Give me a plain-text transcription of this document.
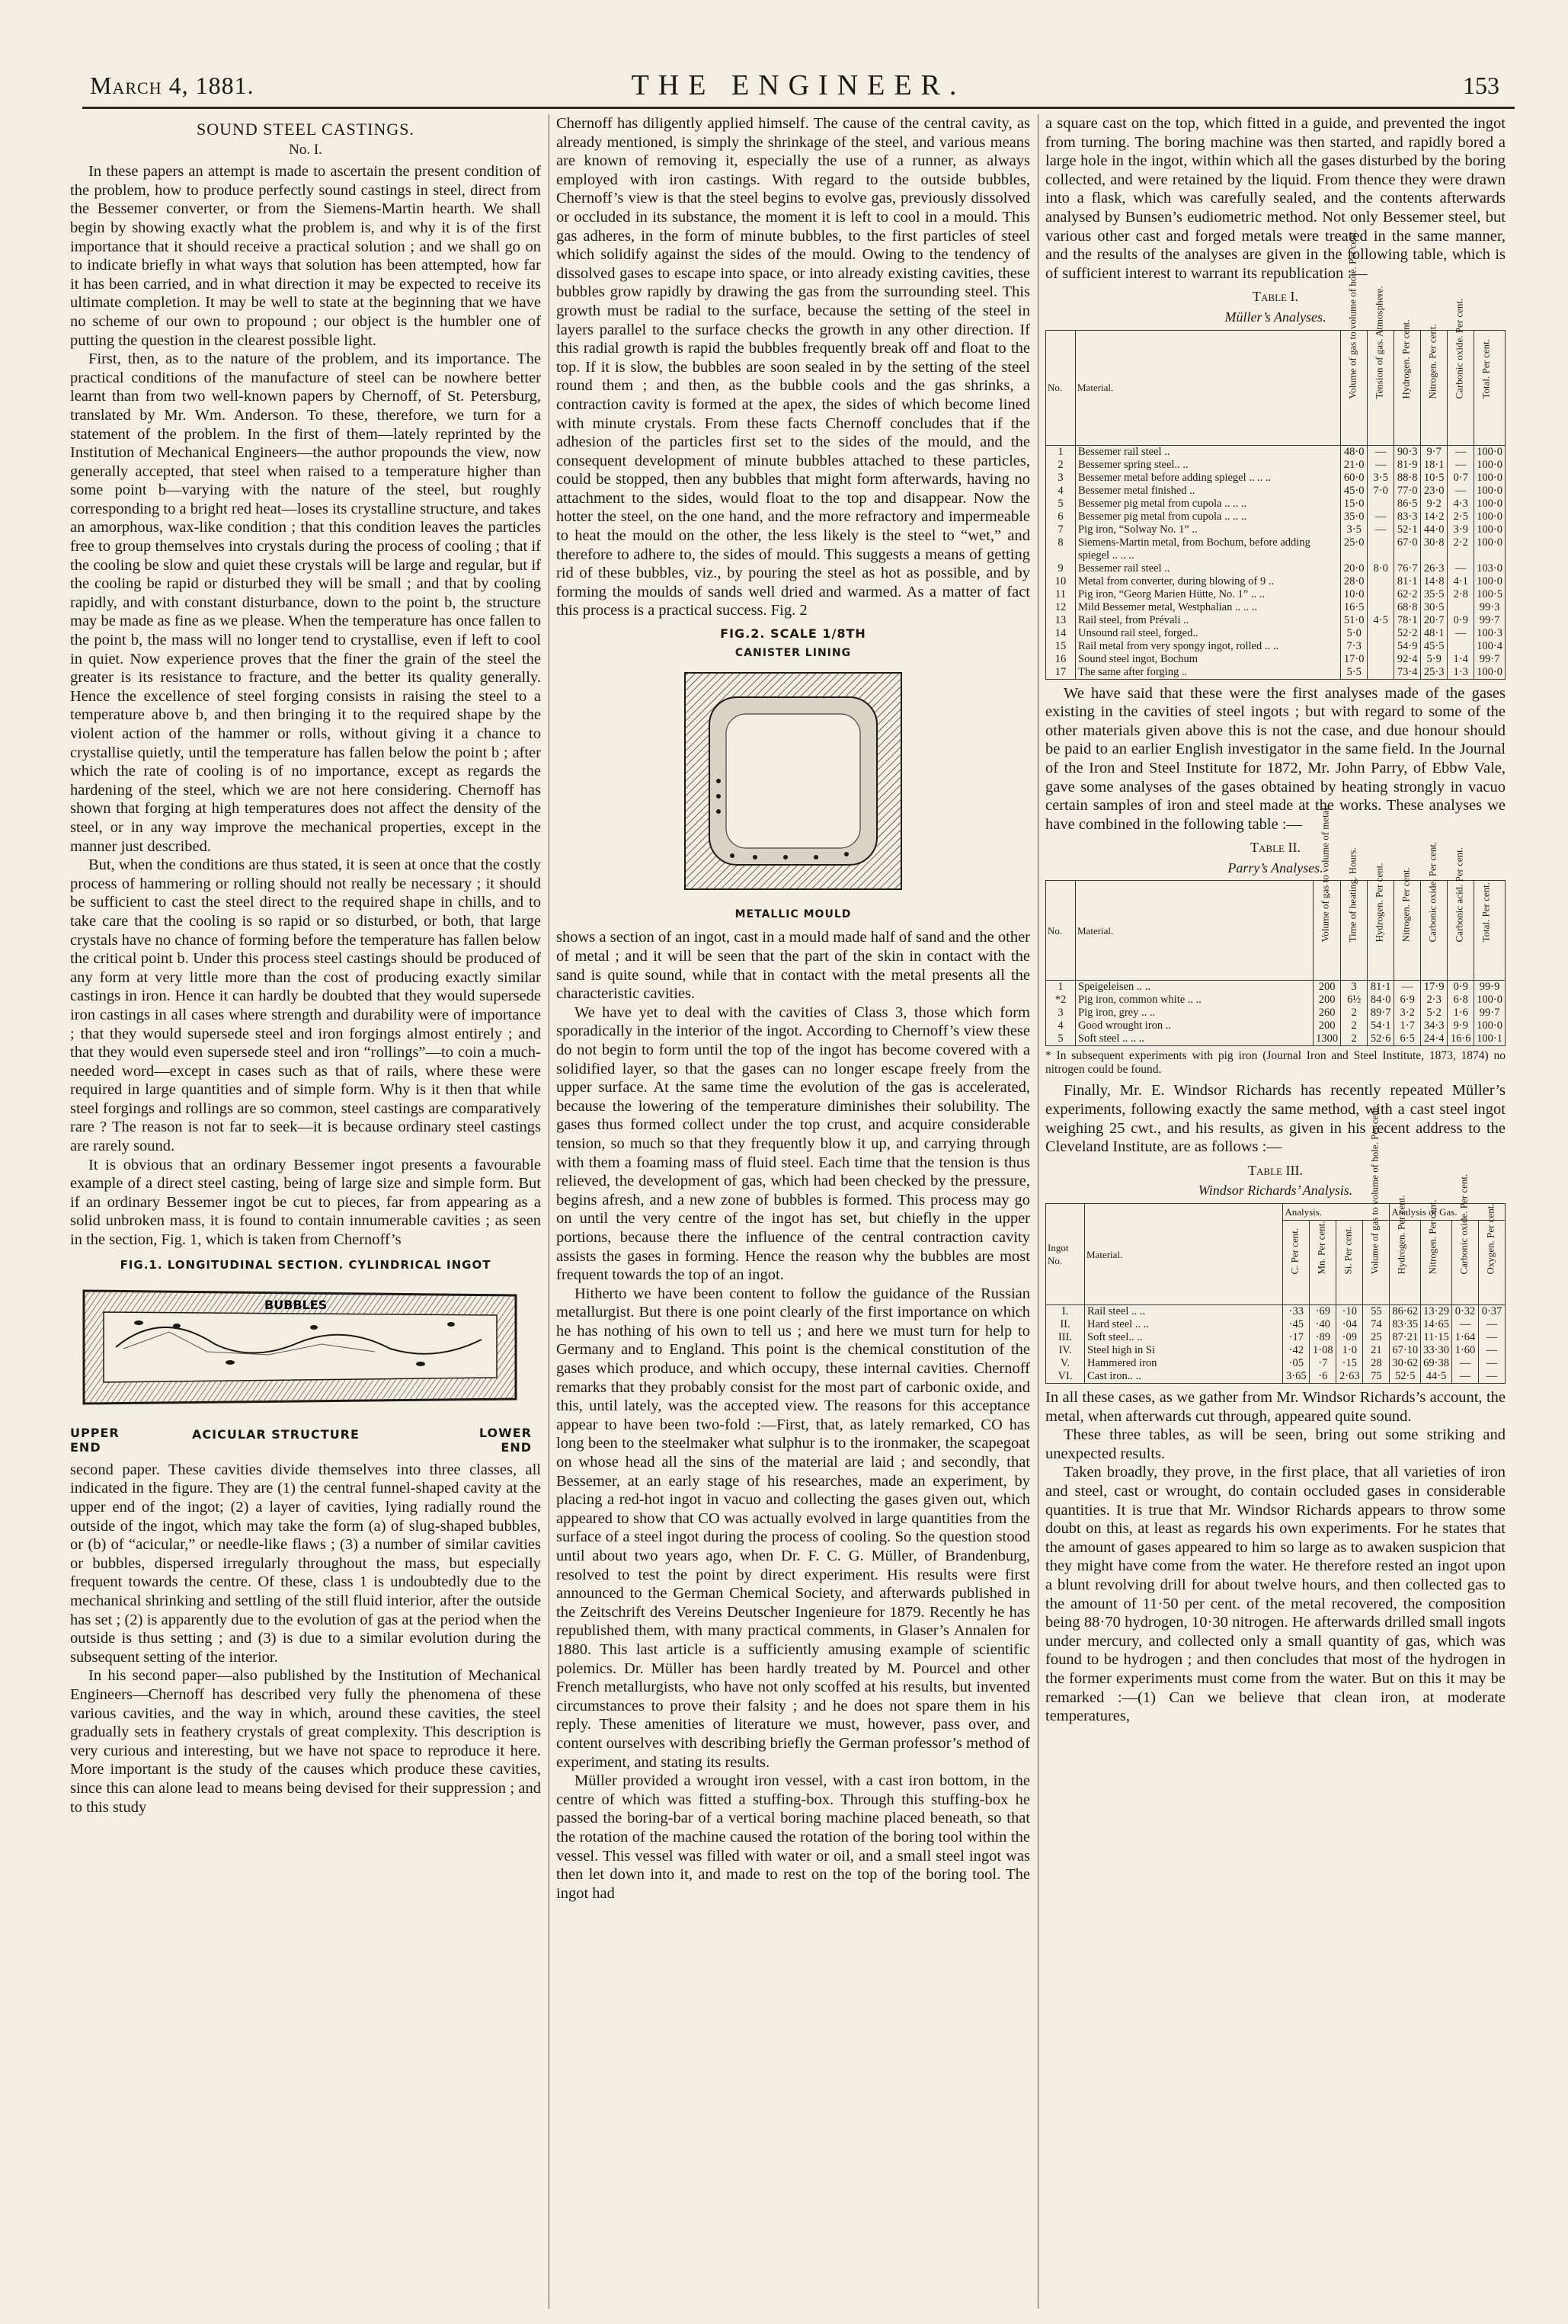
March 4, 1881.	THE ENGINEER.	153
SOUND STEEL CASTINGS.
No. I.

In these papers an attempt is made to ascertain the present condition of the problem, how to produce perfectly sound castings in steel, direct from the Bessemer converter, or from the Siemens-Martin hearth. We shall begin by showing exactly what the problem is, and why it is of the first importance that it should receive a practical solution ; and we shall go on to indicate briefly in what ways that solution has been attempted, how far it has been carried, and in what direction it may be expected to receive its ultimate completion. It may be well to state at the beginning that we have no scheme of our own to propound ; our object is the humbler one of putting the question in the clearest possible light.

First, then, as to the nature of the problem, and its importance. The practical conditions of the manufacture of steel can be nowhere better learnt than from two well-known papers by Chernoff, of St. Petersburg, translated by Mr. Wm. Anderson. To these, therefore, we turn for a statement of the problem. In the first of them—lately reprinted by the Institution of Mechanical Engineers—the author propounds the view, now generally accepted, that steel when raised to a temperature higher than some point b—varying with the nature of the steel, but roughly corresponding to a bright red heat—loses its crystalline structure, and takes an amorphous, wax-like condition ; that this condition leaves the particles free to group themselves into crystals during the process of cooling ; that if the cooling be slow and quiet these crystals will be large and regular, but if the cooling be rapid or disturbed they will be small ; and that by cooling rapidly, and with constant disturbance, down to the point b, the structure may be made as fine as we please. When the temperature has once fallen to the point b, the mass will no longer tend to crystallise, even if left to cool in quiet. Now experience proves that the finer the grain of the steel the greater is its resistance to fracture, and the better its quality generally. Hence the excellence of steel forging consists in raising the steel to a temperature above b, and then bringing it to the required shape by the violent action of the hammer or rolls, without giving it a chance to crystallise quietly, until the temperature has fallen below the point b ; after which the rate of cooling is of no importance, except as regards the hardening of the steel, which we are not here considering. Chernoff has shown that forging at high temperatures does not affect the density of the steel, or in any way improve the mechanical properties, except in the manner just described.

But, when the conditions are thus stated, it is seen at once that the costly process of hammering or rolling should not really be necessary ; it should be sufficient to cast the steel direct to the required shape in chills, and to take care that the cooling is so rapid or so disturbed, or both, that large crystals have no chance of forming before the temperature has fallen below the critical point b. Under this process steel castings should be produced of any form at very little more than the cost of producing exactly similar castings in iron. Hence it can hardly be doubted that they would supersede iron castings in all cases where strength and durability were of importance ; that they would supersede steel and iron forgings almost entirely ; and that they would even supersede steel and iron “rollings”—to coin a much-needed word—except in cases such as that of rails, where these were required in large quantities and of simple form. Why is it then that while steel forgings and rollings are so common, steel castings are comparatively rare ? The reason is not far to seek—it is because ordinary steel castings are rarely sound.

It is obvious that an ordinary Bessemer ingot presents a favourable example of a direct steel casting, being of large size and simple form. But if an ordinary Bessemer ingot be cut to pieces, far from appearing as a solid unbroken mass, it is found to contain innumerable cavities ; as seen in the section, Fig. 1, which is taken from Chernoff’s

FIG.1. LONGITUDINAL SECTION. CYLINDRICAL INGOT
BUBBLES
UPPER
END
ACICULAR STRUCTURE	LOWER
END

second paper. These cavities divide themselves into three classes, all indicated in the figure. They are (1) the central funnel-shaped cavity at the upper end of the ingot; (2) a layer of cavities, lying radially round the outside of the ingot, which may take the form (a) of slug-shaped bubbles, or (b) of “acicular,” or needle-like flaws ; (3) a number of similar cavities or bubbles, dispersed irregularly throughout the mass, but especially frequent towards the centre. Of these, class 1 is undoubtedly due to the mechanical shrinking and settling of the still fluid interior, after the outside has set ; (2) is apparently due to the evolution of gas at the period when the outside is thus setting ; and (3) is due to a similar evolution during the subsequent setting of the interior.

In his second paper—also published by the Institution of Mechanical Engineers—Chernoff has described very fully the phenomena of these various cavities, and the way in which, around these cavities, the steel gradually sets in feathery crystals of great complexity. This description is very curious and interesting, but we have not space to reproduce it here. More important is the study of the causes which produce these cavities, since this can alone lead to means being devised for their suppression ; and to this study

Chernoff has diligently applied himself. The cause of the central cavity, as already mentioned, is simply the shrinkage of the steel, and various means are known of removing it, especially the use of a runner, as always employed with iron castings. With regard to the outside bubbles, Chernoff’s view is that the steel begins to evolve gas, previously dissolved or occluded in its substance, the moment it is left to cool in a mould. This gas adheres, in the form of minute bubbles, to the first particles of steel which solidify against the sides of the mould. Owing to the tendency of dissolved gases to escape into space, or into already existing cavities, these bubbles grow rapidly by drawing the gas from the surrounding steel. This growth must be radial to the surface, because the setting of the steel in layers parallel to the surface checks the growth in any other direction. If this radial growth is rapid the bubbles frequently break off and float to the top. If it is slow, the bubbles are soon sealed in by the setting of the steel round them ; and then, as the bubble cools and the gas shrinks, a contraction cavity is formed at the apex, the sides of which become lined with minute crystals. From these facts Chernoff concludes that if the adhesion of the particles first set to the sides of the mould, and the consequent development of minute bubbles attached to these particles, could be stopped, then any bubbles that might form afterwards, having no attachment to the sides, would float to the top and disappear. Now the hotter the steel, on the one hand, and the more refractory and impermeable to heat the mould on the other, the less likely is the steel to “wet,” and therefore to adhere to, the sides of mould. This suggests a means of getting rid of these bubbles, viz., by pouring the steel as hot as possible, and by forming the moulds of sands well dried and warmed. As a matter of fact this process is a practical success. Fig. 2

FIG.2. SCALE 1/8TH
CANISTER LINING
METALLIC MOULD

shows a section of an ingot, cast in a mould made half of sand and the other of metal ; and it will be seen that the part of the skin in contact with the sand is quite sound, while that in contact with the metal presents all the characteristic cavities.

We have yet to deal with the cavities of Class 3, those which form sporadically in the interior of the ingot. According to Chernoff’s view these do not begin to form until the top of the ingot has become covered with a solidified layer, so that the gases can no longer escape freely from the upper surface. At the same time the evolution of the gas is accelerated, because the lowering of the temperature diminishes their solubility. The gases thus formed collect under the top crust, and acquire considerable tension, so much so that they frequently blow it up, and carrying through with them a foaming mass of fluid steel. Each time that the tension is thus relieved, the development of gas, which had been checked by the pressure, begins afresh, and a new zone of bubbles is formed. This process may go on until the very centre of the ingot has set, but chiefly in the upper portions, because there the influence of the central contraction cavity assists the gases in forming. Hence the reason why the bubbles are most frequent towards the top of an ingot.

Hitherto we have been content to follow the guidance of the Russian metallurgist. But there is one point clearly of the first importance on which he has nothing of his own to tell us ; and here we must turn for help to Germany and to England. This point is the chemical constitution of the gases which produce, and which occupy, these internal cavities. Chernoff remarks that they probably consist for the most part of carbonic oxide, and this, until lately, was the accepted view. The reasons for this acceptance appear to have been two-fold :—First, that, as lately remarked, CO has long been to the steelmaker what sulphur is to the ironmaker, the scapegoat on whose head all the sins of the material are laid ; and secondly, that Bessemer, at an early stage of his researches, made an experiment, by placing a red-hot ingot in vacuo and collecting the gases given out, which appeared to show that CO was actually evolved in large quantities from the surface of a steel ingot during the process of cooling. So the question stood until about two years ago, when Dr. F. C. G. Müller, of Brandenburg, resolved to test the point by direct experiment. His results were first announced to the German Chemical Society, and afterwards published in the Zeitschrift des Vereins Deutscher Ingenieure for 1879. Recently he has republished them, with many practical comments, in Glaser’s Annalen for 1880. This last article is a sufficiently amusing example of scientific polemics. Dr. Müller has been hardly treated by M. Pourcel and other French metallurgists, who have not only scoffed at his results, but invented circumstances to prove their falsity ; and he does not spare them in his reply. These amenities of literature we must, however, pass over, and content ourselves with describing briefly the German professor’s method of experiment, and stating its results.

Müller provided a wrought iron vessel, with a cast iron bottom, in the centre of which was fitted a stuffing-box. Through this stuffing-box he passed the boring-bar of a vertical boring machine placed beneath, so that the rotation of the machine caused the rotation of the boring tool within the vessel. This vessel was filled with water or oil, and a small steel ingot was then let down into it, and made to rest on the top of the boring tool. The ingot had

a square cast on the top, which fitted in a guide, and prevented the ingot from turning. The boring machine was then started, and rapidly bored a large hole in the ingot, within which all the gases disturbed by the boring collected, and were retained by the liquid. From thence they were drawn into a flask, which was carefully sealed, and the contents afterwards analysed by Bunsen’s eudiometric method. Not only Bessemer steel, but various other cast and forged metals were treated in the same manner, and the results of the analyses are given in the following table, which is of sufficient interest to warrant its republication :—

Table I.
Müller’s Analyses.
No.	Material.	Volume of gas to volume of hole. Per cent.	Tension of gas. Atmosphere.	Hydrogen. Per cent.	Nitrogen. Per cent.	Carbonic oxide. Per cent.	Total. Per cent.
1	Bessemer rail steel ..	48·0	—	90·3	9·7	—	100·0
2	Bessemer spring steel.. ..	21·0	—	81·9	18·1	—	100·0
3	Bessemer metal before adding spiegel .. .. ..	60·0	3·5	88·8	10·5	0·7	100·0
4	Bessemer metal finished ..	45·0	7·0	77·0	23·0	—	100·0
5	Bessemer pig metal from cupola .. .. ..	15·0		86·5	9·2	4·3	100·0
6	Bessemer pig metal from cupola .. .. ..	35·0	—	83·3	14·2	2·5	100·0
7	Pig iron, “Solway No. 1” ..	3·5	—	52·1	44·0	3·9	100·0
8	Siemens-Martin metal, from Bochum, before adding spiegel .. .. ..	25·0		67·0	30·8	2·2	100·0
9	Bessemer rail steel ..	20·0	8·0	76·7	26·3	—	103·0
10	Metal from converter, during blowing of 9 ..	28·0		81·1	14·8	4·1	100·0
11	Pig iron, “Georg Marien Hütte, No. 1” .. ..	10·0		62·2	35·5	2·8	100·5
12	Mild Bessemer metal, Westphalian .. .. ..	16·5		68·8	30·5		99·3
13	Rail steel, from Prévali ..	51·0	4·5	78·1	20·7	0·9	99·7
14	Unsound rail steel, forged..	5·0		52·2	48·1	—	100·3
15	Rail metal from very spongy ingot, rolled .. ..	7·3		54·9	45·5		100·4
16	Sound steel ingot, Bochum	17·0		92·4	5·9	1·4	99·7
17	The same after forging ..	5·5		73·4	25·3	1·3	100·0

We have said that these were the first analyses made of the gases existing in the cavities of steel ingots ; but with regard to some of the other materials given above this is not the case, and due honour should be paid to an earlier English investigator in the same field. In the Journal of the Iron and Steel Institute for 1872, Mr. John Parry, of Ebbw Vale, gave some analyses of the gases obtained by heating strongly in vacuo certain samples of iron and steel made at the works. These analyses we have combined in the following table :—

Table II.
Parry’s Analyses.
No.	Material.	Volume of gas to volume of metal.	Time of heating. Hours.	Hydrogen. Per cent.	Nitrogen. Per cent.	Carbonic oxide. Per cent.	Carbonic acid. Per cent.	Total. Per cent.
1	Speigeleisen .. ..	200	3	81·1	—	17·9	0·9	99·9
*2	Pig iron, common white .. ..	200	6½	84·0	6·9	2·3	6·8	100·0
3	Pig iron, grey .. ..	260	2	89·7	3·2	5·2	1·6	99·7
4	Good wrought iron ..	200	2	54·1	1·7	34·3	9·9	100·0
5	Soft steel .. .. ..	1300	2	52·6	6·5	24·4	16·6	100·1
* In subsequent experiments with pig iron (Journal Iron and Steel Institute, 1873, 1874) no nitrogen could be found.

Finally, Mr. E. Windsor Richards has recently repeated Müller’s experiments, following exactly the same method, with a cast steel ingot weighing 25 cwt., and his results, as given in his recent address to the Cleveland Institute, are as follows :—

Table III.
Windsor Richards’ Analysis.
Ingot No.	Material.	Analysis.				Analysis of Gas.			
		C. Per cent.	Mn. Per cent.	Si. Per cent.	Volume of gas to volume of hole. Per cent.	Hydrogen. Per cent.	Nitrogen. Per cent.	Carbonic oxide. Per cent.	Oxygen. Per cent.
I.	Rail steel .. ..	·33	·69	·10	55	86·62	13·29	0·32	0·37
II.	Hard steel .. ..	·45	·40	·04	74	83·35	14·65	—	—
III.	Soft steel.. ..	·17	·89	·09	25	87·21	11·15	1·64	—
IV.	Steel high in Si	·42	1·08	1·0	21	67·10	33·30	1·60	—
V.	Hammered iron	·05	·7	·15	28	30·62	69·38	—	—
VI.	Cast iron.. ..	3·65	·6	2·63	75	52·5	44·5	—	—

In all these cases, as we gather from Mr. Windsor Richards’s account, the metal, when afterwards cut through, appeared quite sound.

These three tables, as will be seen, bring out some striking and unexpected results.

Taken broadly, they prove, in the first place, that all varieties of iron and steel, cast or wrought, do contain occluded gases in considerable quantities. It is true that Mr. Windsor Richards appears to throw some doubt on this, at least as regards his own experiments. For he states that the amount of gases appeared to him so large as to awaken suspicion that they might have come from the water. He therefore rested an ingot upon a blunt revolving drill for about twelve hours, and then collected gas to the amount of 11·50 per cent. of the metal recovered, the composition being 88·70 hydrogen, 10·30 nitrogen. He afterwards drilled small ingots under mercury, and collected only a small quantity of gas, which was found to be hydrogen ; and then concludes that most of the hydrogen in the former experiments must come from the water. But on this it may be remarked :—(1) Can we believe that clean iron, at moderate temperatures,
